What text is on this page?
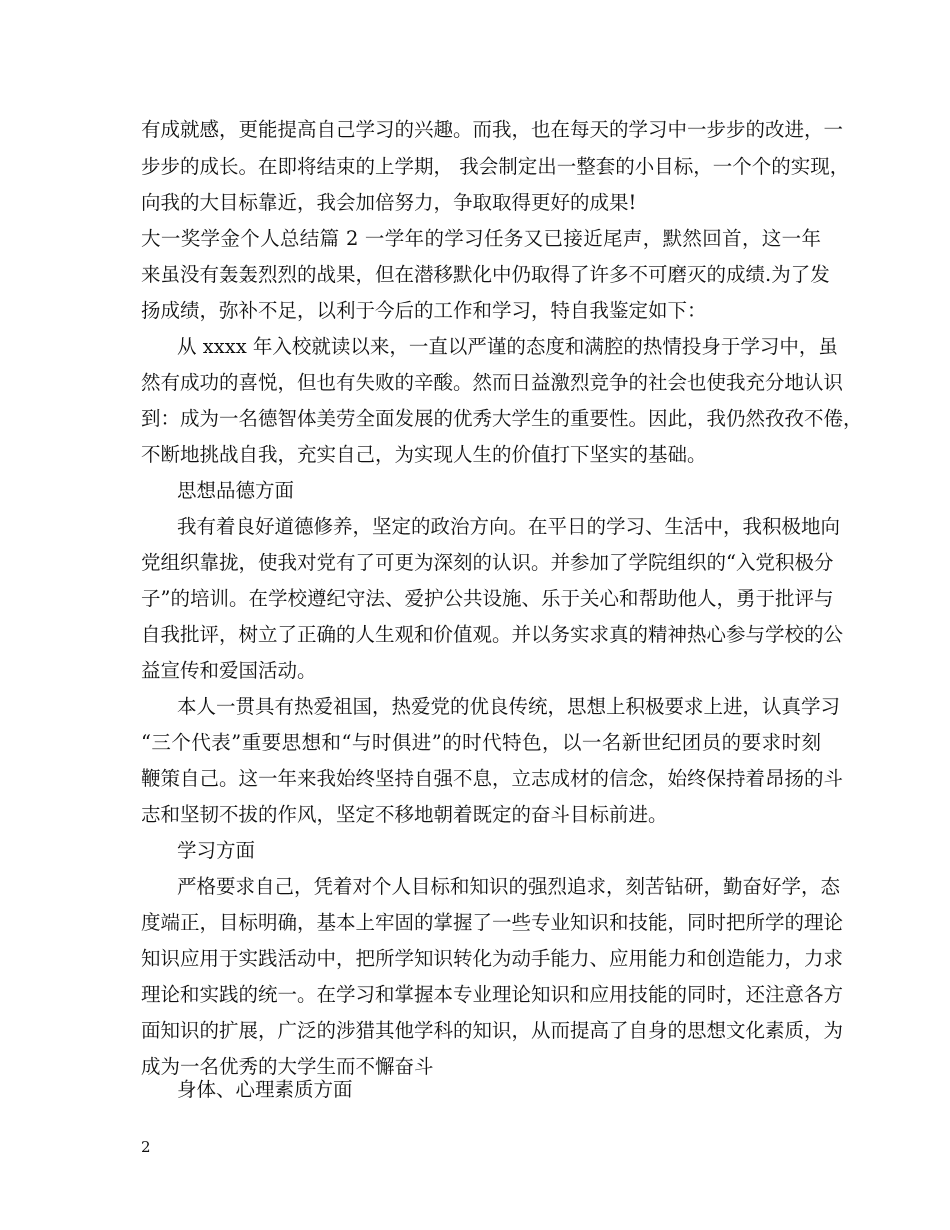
有成就感，更能提高自己学习的兴趣。而我，也在每天的学习中一步步的改进，一
步步的成长。在即将结束的上学期， 我会制定出一整套的小目标，一个个的实现，
向我的大目标靠近，我会加倍努力，争取取得更好的成果!
大一奖学金个人总结篇 2 一学年的学习任务又已接近尾声，默然回首，这一年
来虽没有轰轰烈烈的战果，但在潜移默化中仍取得了许多不可磨灭的成绩.为了发
扬成绩，弥补不足，以利于今后的工作和学习，特自我鉴定如下：
从 xxxx 年入校就读以来，一直以严谨的态度和满腔的热情投身于学习中，虽
然有成功的喜悦，但也有失败的辛酸。然而日益激烈竞争的社会也使我充分地认识
到：成为一名德智体美劳全面发展的优秀大学生的重要性。因此，我仍然孜孜不倦，
不断地挑战自我，充实自己，为实现人生的价值打下坚实的基础。
思想品德方面
我有着良好道德修养，坚定的政治方向。在平日的学习、生活中，我积极地向
党组织靠拢，使我对党有了可更为深刻的认识。并参加了学院组织的“入党积极分
子”的培训。在学校遵纪守法、爱护公共设施、乐于关心和帮助他人，勇于批评与
自我批评，树立了正确的人生观和价值观。并以务实求真的精神热心参与学校的公
益宣传和爱国活动。
本人一贯具有热爱祖国，热爱党的优良传统，思想上积极要求上进，认真学习
“三个代表”重要思想和“与时俱进”的时代特色，以一名新世纪团员的要求时刻
鞭策自己。这一年来我始终坚持自强不息，立志成材的信念，始终保持着昂扬的斗
志和坚韧不拔的作风，坚定不移地朝着既定的奋斗目标前进。
学习方面
严格要求自己，凭着对个人目标和知识的强烈追求，刻苦钻研，勤奋好学，态
度端正，目标明确，基本上牢固的掌握了一些专业知识和技能，同时把所学的理论
知识应用于实践活动中，把所学知识转化为动手能力、应用能力和创造能力，力求
理论和实践的统一。在学习和掌握本专业理论知识和应用技能的同时，还注意各方
面知识的扩展，广泛的涉猎其他学科的知识，从而提高了自身的思想文化素质，为
成为一名优秀的大学生而不懈奋斗
身体、心理素质方面
2
